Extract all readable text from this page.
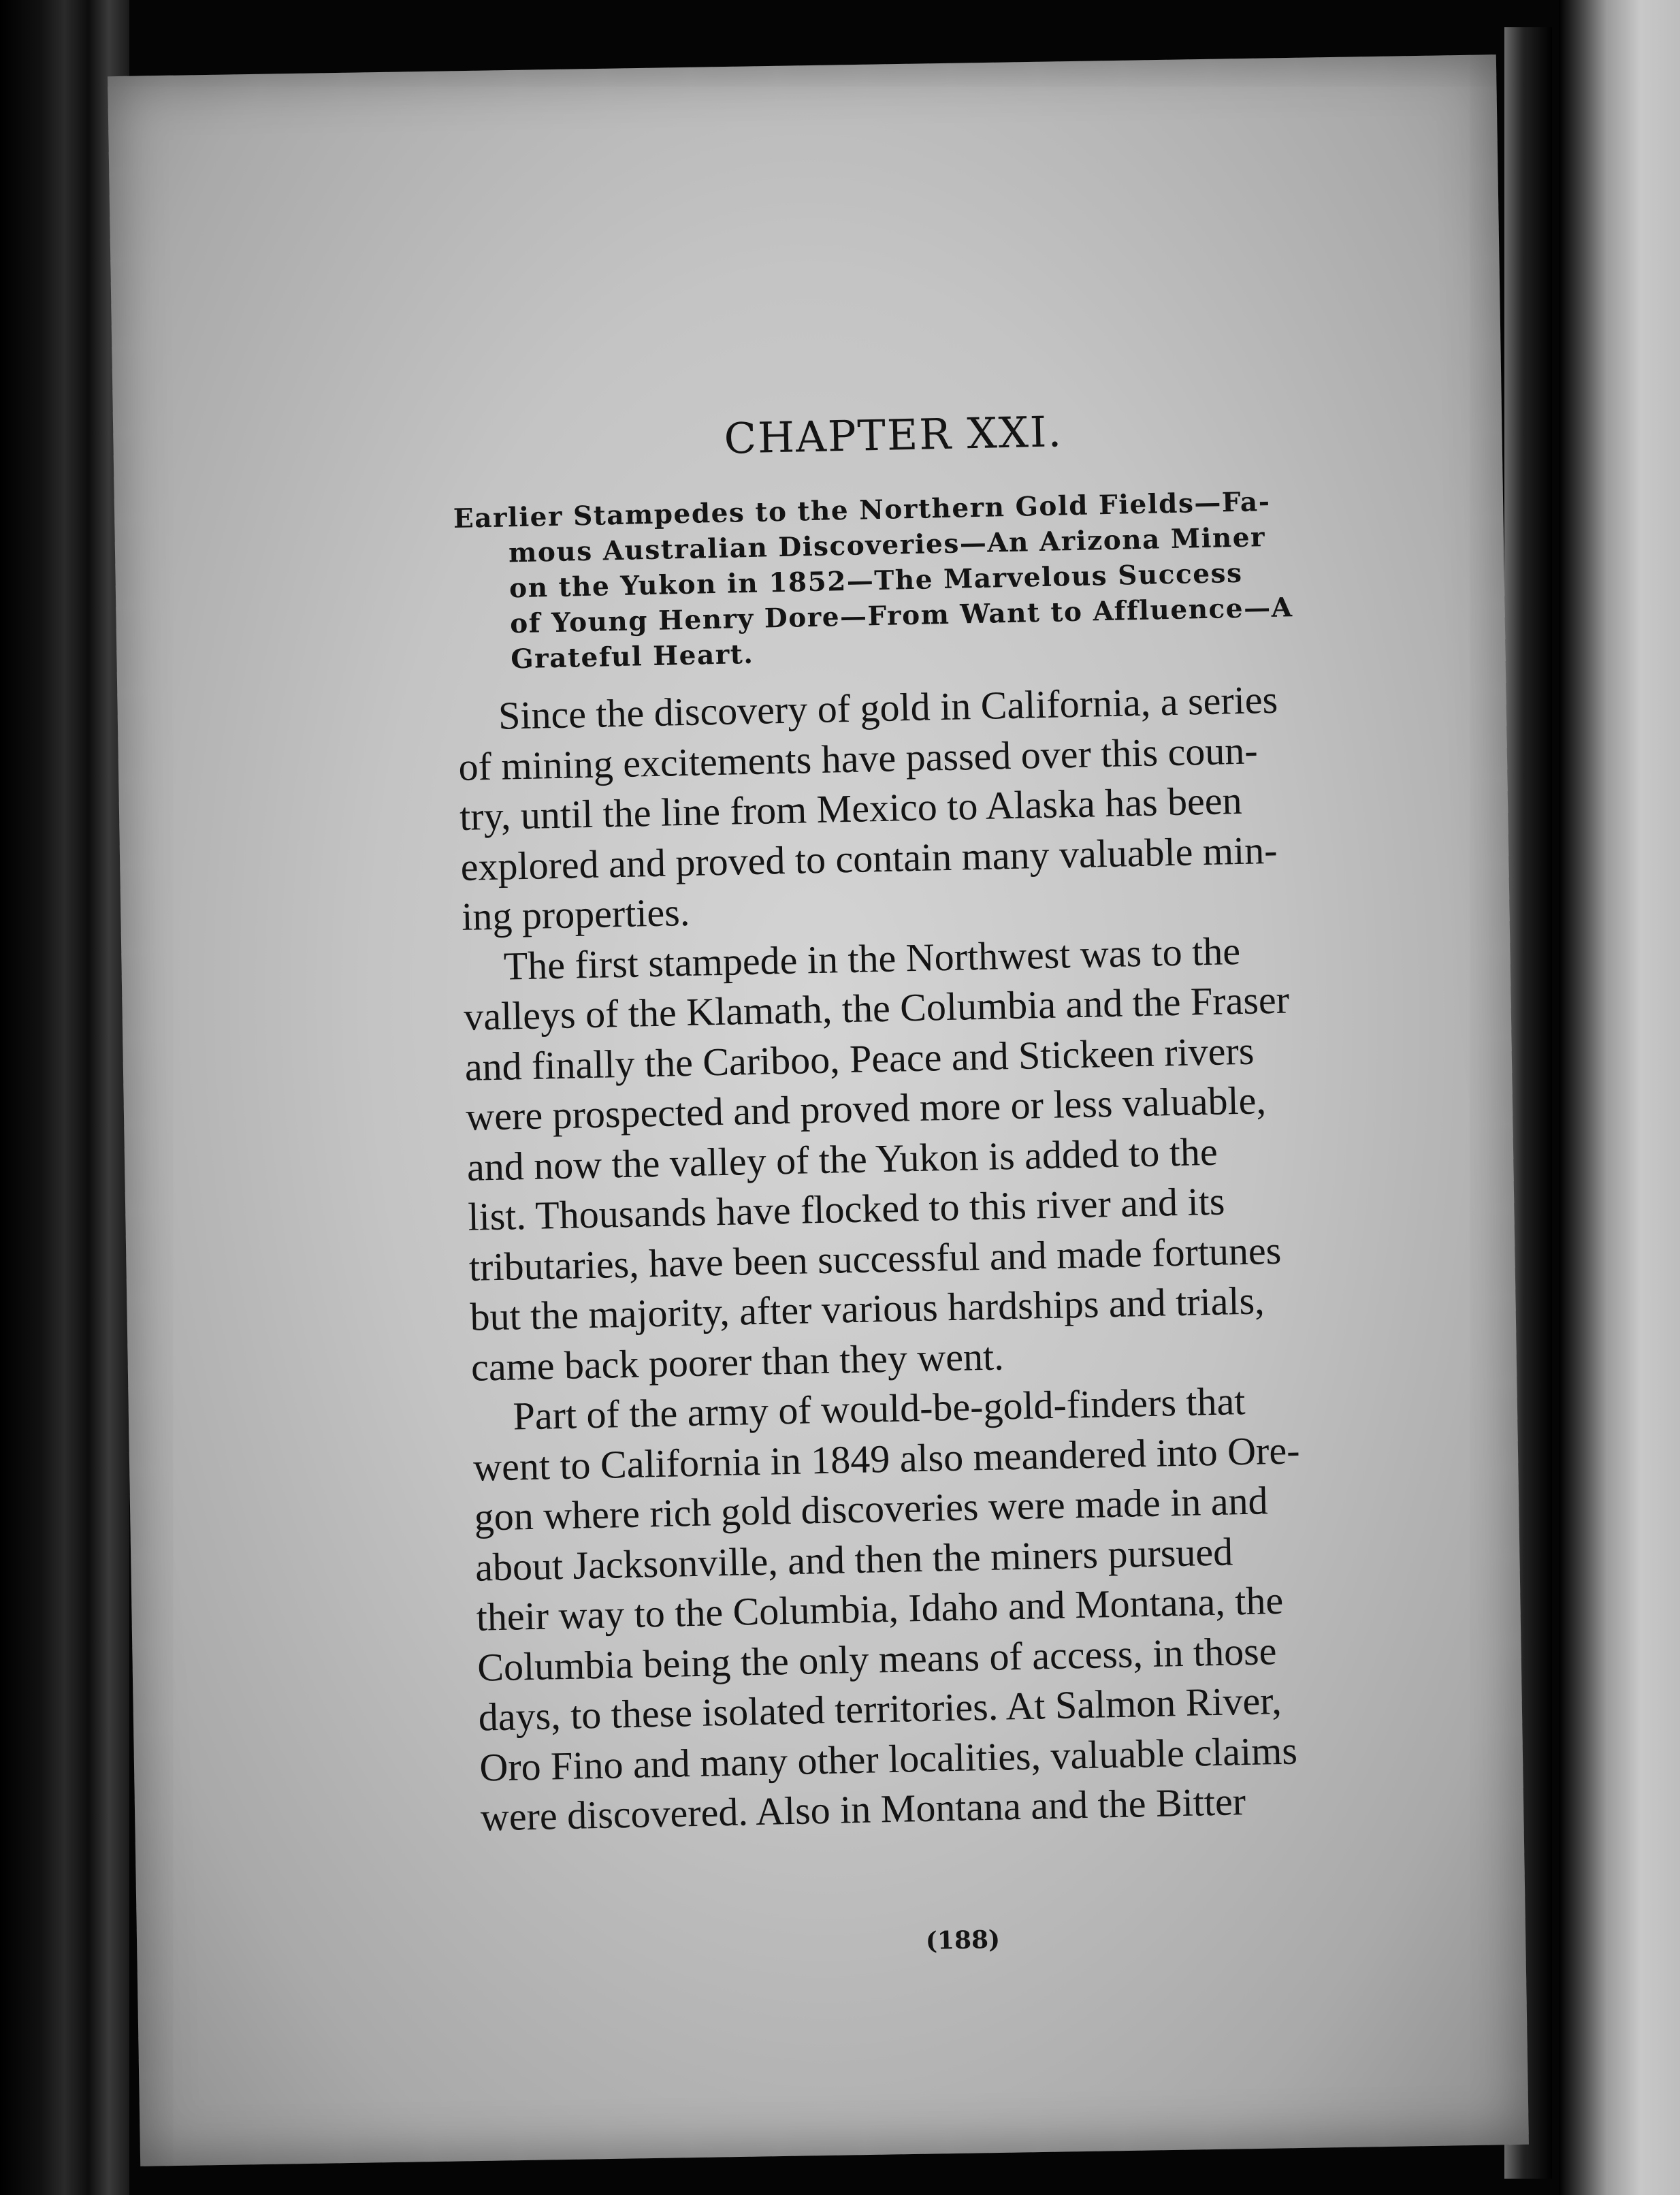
CHAPTER XXI.
Earlier Stampedes to the Northern Gold Fields—Fa-
mous Australian Discoveries—An Arizona Miner
on the Yukon in 1852—The Marvelous Success
of Young Henry Dore—From Want to Affluence—A
Grateful Heart.
Since the discovery of gold in California, a series
of mining excitements have passed over this coun-
try, until the line from Mexico to Alaska has been
explored and proved to contain many valuable min-
ing properties.
The first stampede in the Northwest was to the
valleys of the Klamath, the Columbia and the Fraser
and finally the Cariboo, Peace and Stickeen rivers
were prospected and proved more or less valuable,
and now the valley of the Yukon is added to the
list. Thousands have flocked to this river and its
tributaries, have been successful and made fortunes
but the majority, after various hardships and trials,
came back poorer than they went.
Part of the army of would-be-gold-finders that
went to California in 1849 also meandered into Ore-
gon where rich gold discoveries were made in and
about Jacksonville, and then the miners pursued
their way to the Columbia, Idaho and Montana, the
Columbia being the only means of access, in those
days, to these isolated territories. At Salmon River,
Oro Fino and many other localities, valuable claims
were discovered. Also in Montana and the Bitter
(188)
